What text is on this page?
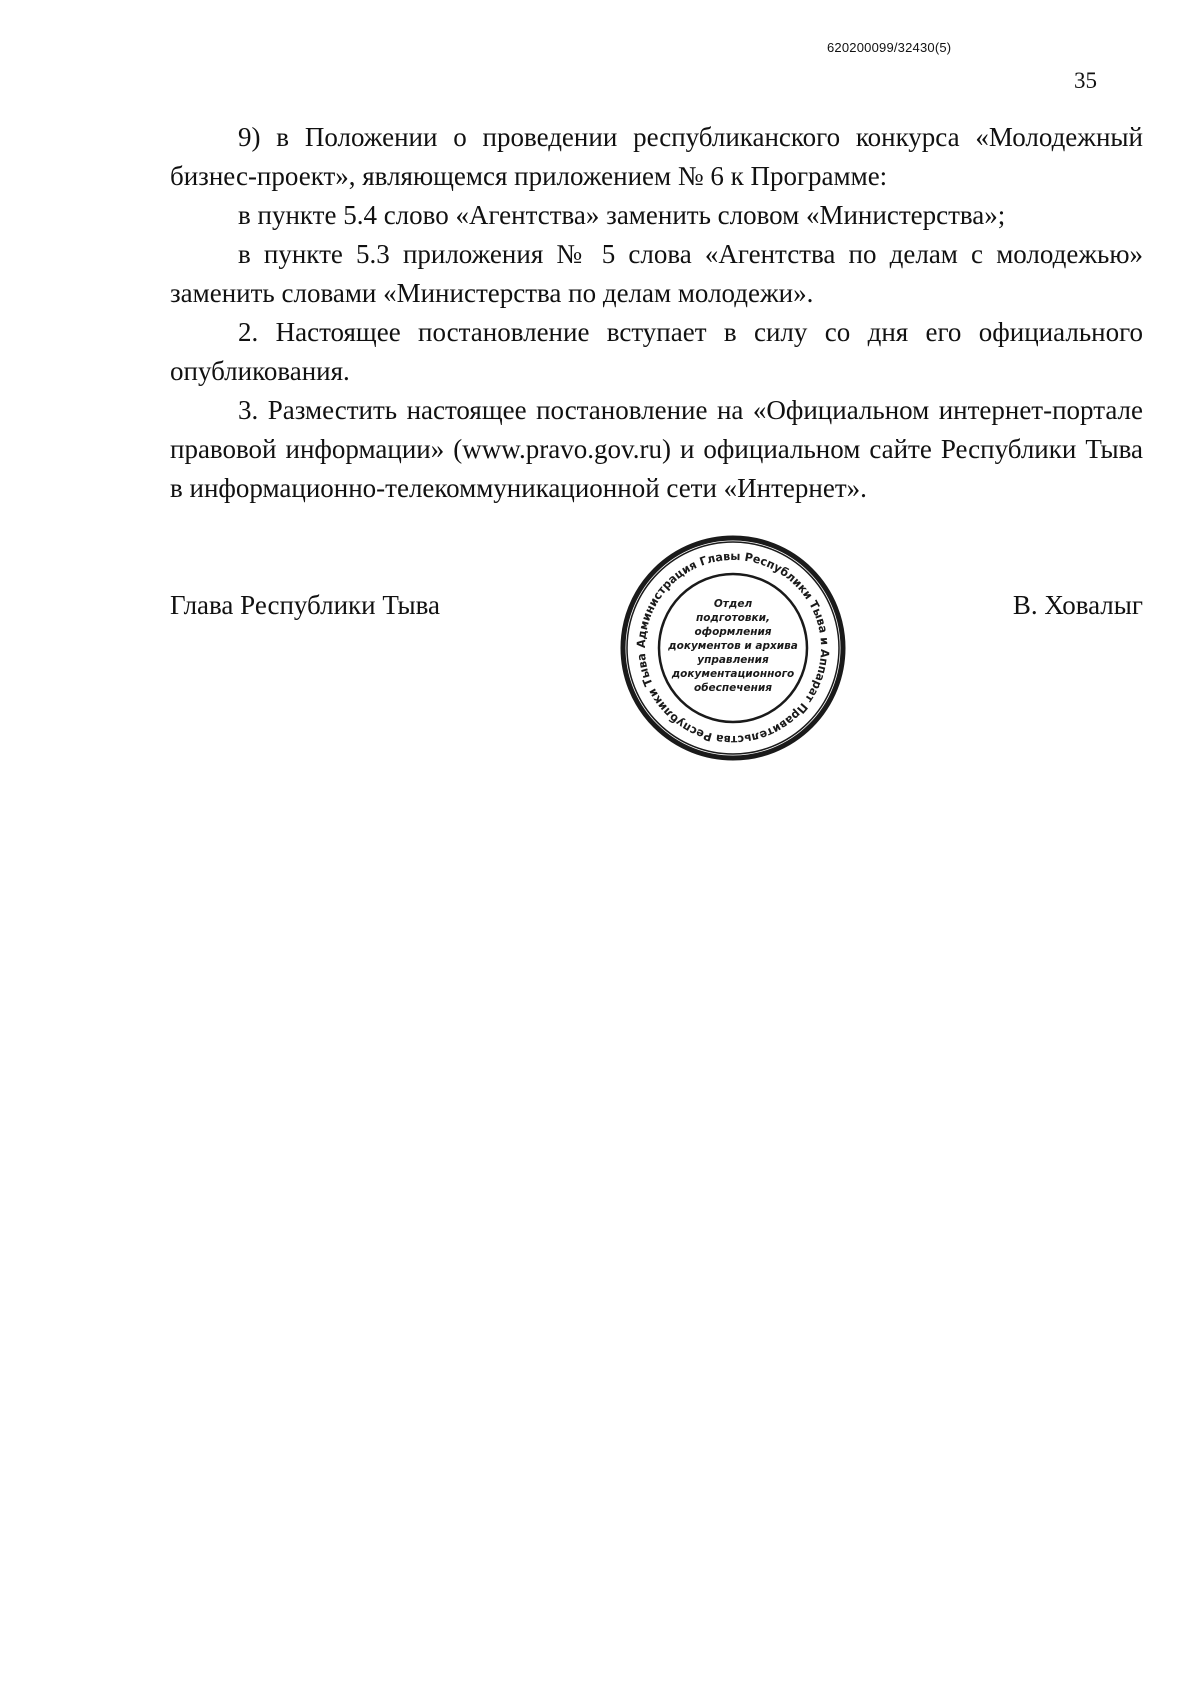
620200099/32430(5)
35

9) в Положении о проведении республиканского конкурса «Молодежный бизнес-проект», являющемся приложением № 6 к Программе:

в пункте 5.4 слово «Агентства» заменить словом «Министерства»;

в пункте 5.3 приложения № 5 слова «Агентства по делам с молодежью» заменить словами «Министерства по делам молодежи».

2. Настоящее постановление вступает в силу со дня его официального опубликования.

3. Разместить настоящее постановление на «Официальном интернет-портале правовой информации» (www.pravo.gov.ru) и официальном сайте Республики Тыва в информационно-телекоммуникационной сети «Интернет».

Глава Республики Тыва	В. Ховалыг
Администрация Главы Республики Тыва и Аппарат Правительства Республики Тыва
Отдел
подготовки,
оформления
документов и архива
управления
документационного
обеспечения
